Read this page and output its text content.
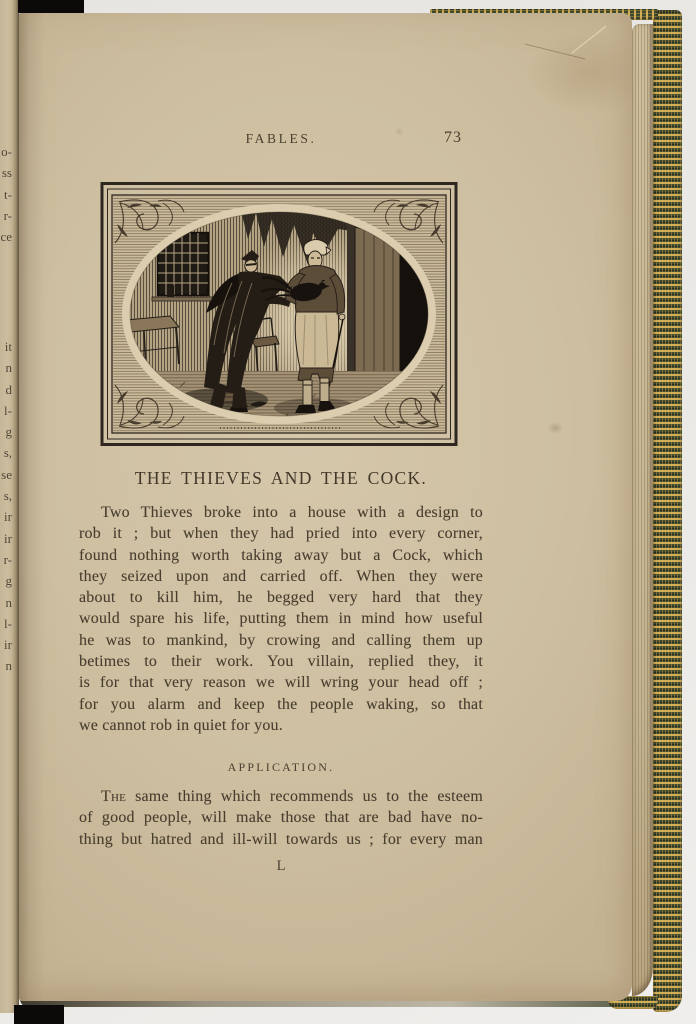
o-
ss
t-
r-
ce
it
n
d
l-
g
s,
se
s,
ir
ir
r-
g
n
l-
ir
n
FABLES.	73
THE THIEVES AND THE COCK.
Two Thieves broke into a house with a design to
rob it ; but when they had pried into every corner,
found nothing worth taking away but a Cock, which
they seized upon and carried off. When they were
about to kill him, he begged very hard that they
would spare his life, putting them in mind how useful
he was to mankind, by crowing and calling them up
betimes to their work. You villain, replied they, it
is for that very reason we will wring your head off ;
for you alarm and keep the people waking, so that
we cannot rob in quiet for you.
APPLICATION.
The same thing which recommends us to the esteem
of good people, will make those that are bad have no-
thing but hatred and ill-will towards us ; for every man
L
